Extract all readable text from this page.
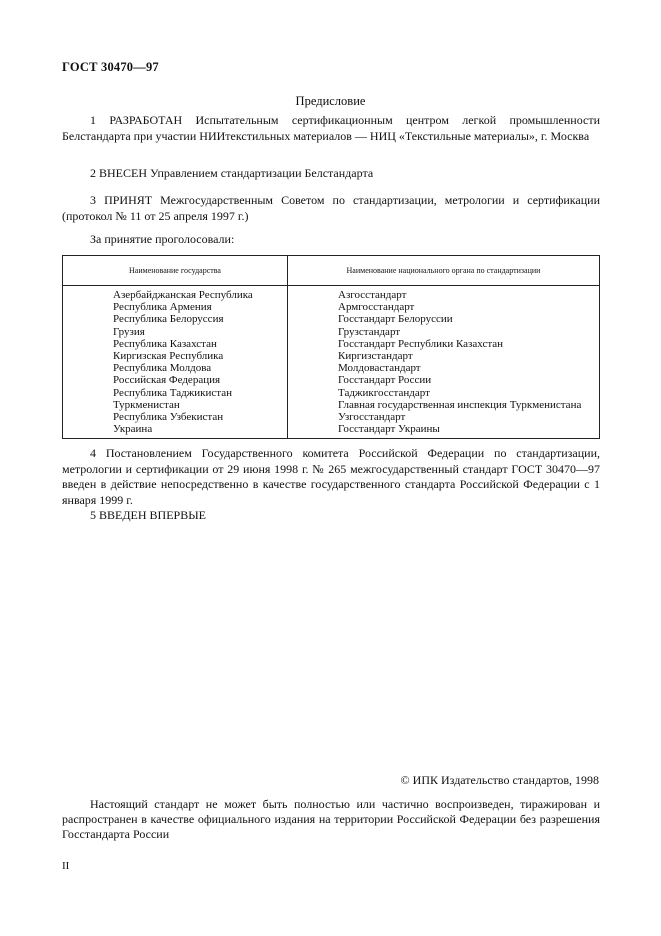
ГОСТ 30470—97
Предисловие
1 РАЗРАБОТАН Испытательным сертификационным центром легкой промышленности Белстандарта при участии НИИтекстильных материалов — НИЦ «Текстильные материалы», г. Москва
2 ВНЕСЕН Управлением стандартизации Белстандарта
3 ПРИНЯТ Межгосударственным Советом по стандартизации, метрологии и сертификации (протокол № 11 от 25 апреля 1997 г.)
За принятие проголосовали:
Наименование государства	Наименование национального органа по стандартизации
Азербайджанская Республика	Азгосстандарт
Республика Армения	Армгосстандарт
Республика Белоруссия	Госстандарт Белоруссии
Грузия	Грузстандарт
Республика Казахстан	Госстандарт Республики Казахстан
Киргизская Республика	Киргизстандарт
Республика Молдова	Молдовастандарт
Российская Федерация	Госстандарт России
Республика Таджикистан	Таджикгосстандарт
Туркменистан	Главная государственная инспекция Туркменистана
Республика Узбекистан	Узгосстандарт
Украина	Госстандарт Украины
4 Постановлением Государственного комитета Российской Федерации по стандартизации, метрологии и сертификации от 29 июня 1998 г. № 265 межгосударственный стандарт ГОСТ 30470—97 введен в действие непосредственно в качестве государственного стандарта Российской Федерации с 1 января 1999 г.
5 ВВЕДЕН ВПЕРВЫЕ
© ИПК Издательство стандартов, 1998
Настоящий стандарт не может быть полностью или частично воспроизведен, тиражирован и распространен в качестве официального издания на территории Российской Федерации без разрешения Госстандарта России
II
